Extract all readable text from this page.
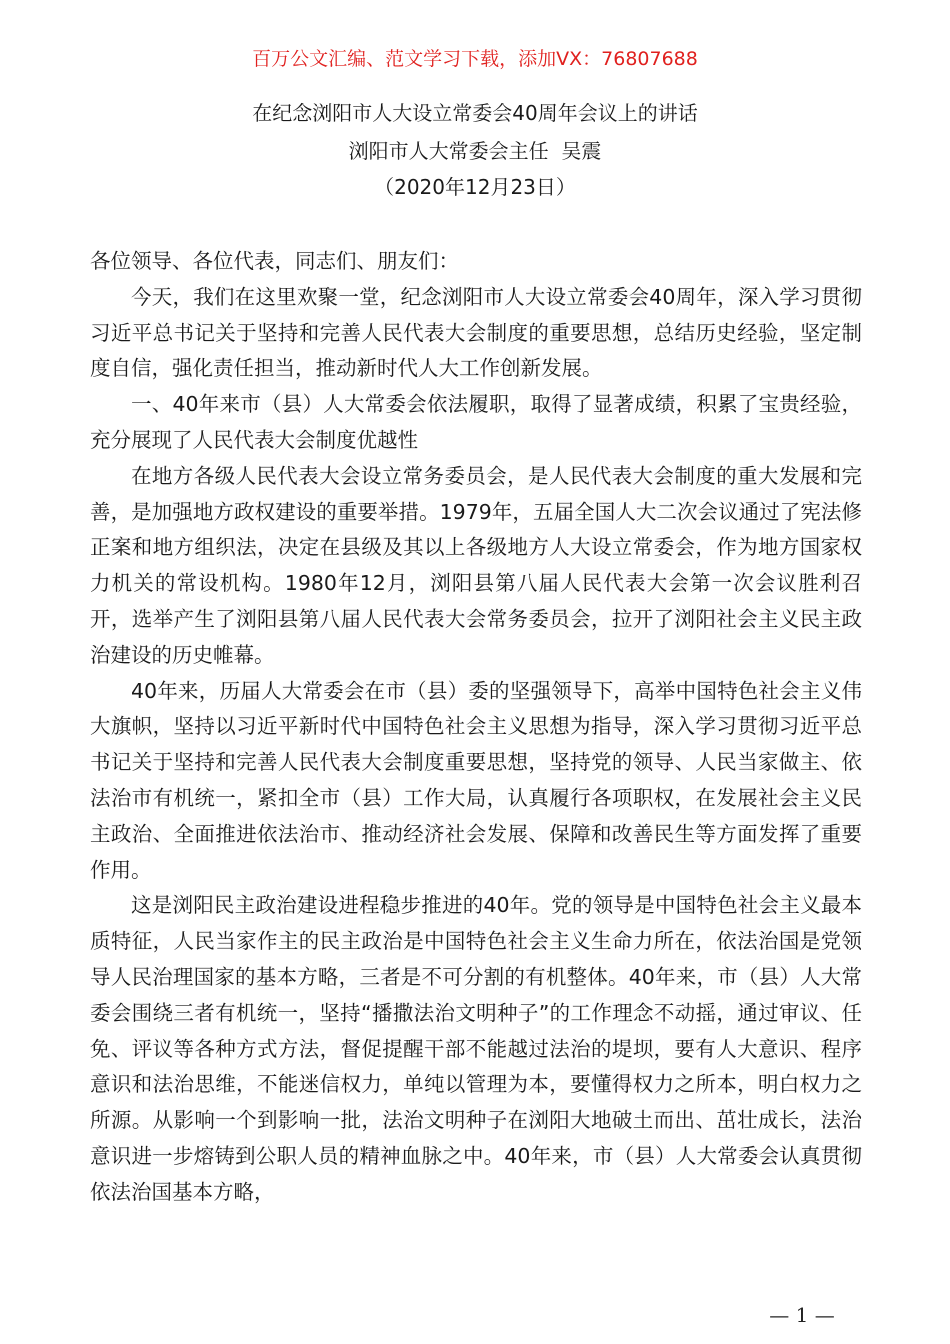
百万公文汇编、范文学习下载，添加VX：76807688
在纪念浏阳市人大设立常委会40周年会议上的讲话
浏阳市人大常委会主任  吴震
（2020年12月23日）

各位领导、各位代表，同志们、朋友们：

今天，我们在这里欢聚一堂，纪念浏阳市人大设立常委会40周年，深入学习贯彻习近平总书记关于坚持和完善人民代表大会制度的重要思想，总结历史经验，坚定制度自信，强化责任担当，推动新时代人大工作创新发展。

一、40年来市（县）人大常委会依法履职，取得了显著成绩，积累了宝贵经验，充分展现了人民代表大会制度优越性

在地方各级人民代表大会设立常务委员会，是人民代表大会制度的重大发展和完善，是加强地方政权建设的重要举措。1979年，五届全国人大二次会议通过了宪法修正案和地方组织法，决定在县级及其以上各级地方人大设立常委会，作为地方国家权力机关的常设机构。1980年12月，浏阳县第八届人民代表大会第一次会议胜利召开，选举产生了浏阳县第八届人民代表大会常务委员会，拉开了浏阳社会主义民主政治建设的历史帷幕。

40年来，历届人大常委会在市（县）委的坚强领导下，高举中国特色社会主义伟大旗帜，坚持以习近平新时代中国特色社会主义思想为指导，深入学习贯彻习近平总书记关于坚持和完善人民代表大会制度重要思想，坚持党的领导、人民当家做主、依法治市有机统一，紧扣全市（县）工作大局，认真履行各项职权，在发展社会主义民主政治、全面推进依法治市、推动经济社会发展、保障和改善民生等方面发挥了重要作用。

这是浏阳民主政治建设进程稳步推进的40年。党的领导是中国特色社会主义最本质特征，人民当家作主的民主政治是中国特色社会主义生命力所在，依法治国是党领导人民治理国家的基本方略，三者是不可分割的有机整体。40年来，市（县）人大常委会围绕三者有机统一，坚持“播撒法治文明种子”的工作理念不动摇，通过审议、任免、评议等各种方式方法，督促提醒干部不能越过法治的堤坝，要有人大意识、程序意识和法治思维，不能迷信权力，单纯以管理为本，要懂得权力之所本，明白权力之所源。从影响一个到影响一批，法治文明种子在浏阳大地破土而出、茁壮成长，法治意识进一步熔铸到公职人员的精神血脉之中。40年来，市（县）人大常委会认真贯彻依法治国基本方略，

— 1 —
